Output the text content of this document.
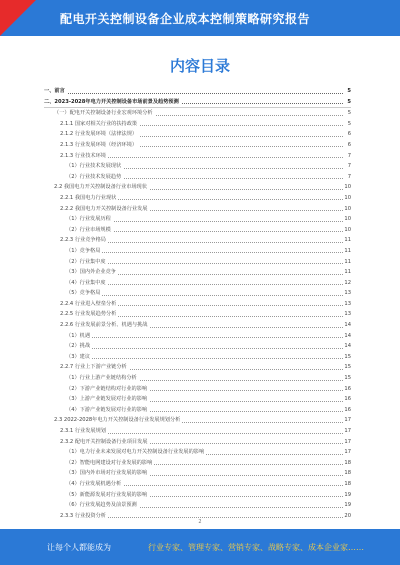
配电开关控制设备企业成本控制策略研究报告
内容目录
一、前言	5
二、2023-2028年电力开关控制设备市场前景及趋势预测	5
（一）配电开关控制设备行业宏观环境分析	5
2.1.1 国家对相关行业的扶持政策	5
2.1.2 行业发展环境（法律法规）	6
2.1.3 行业发展环境（经济环境）	6
2.1.3 行业技术环境	7
（1）行业技术发展现状	7
（2）行业技术发展趋势	7
2.2 我国电力开关控制设备行业市场现状	10
2.2.1 我国电力行业现状	10
2.2.2 我国电力开关控制设备行业发展	10
（1）行业发展历程	10
（2）行业市场规模	10
2.2.3 行业竞争格局	11
（1）竞争格局	11
（2）行业集中度	11
（3）国内外企业竞争	11
（4）行业集中度	12
（5）竞争格局	13
2.2.4 行业进入壁垒分析	13
2.2.5 行业发展趋势分析	13
2.2.6 行业发展前景分析、机遇与挑战	14
（1）机遇	14
（2）挑战	14
（3）建议	15
2.2.7 行业上下游产业链分析	15
（1）行业上游产业链结构分析	15
（2）下游产业链结构对行业的影响	16
（3）上游产业链发展对行业的影响	16
（4）下游产业链发展对行业的影响	16
2.3 2022-2028年电力开关控制设备行业发展规划分析	17
2.3.1 行业发展规划	17
2.3.2 配电开关控制设备行业项目发展	17
（1）电力行业未来发展对电力开关控制设备行业发展的影响	17
（2）智能电网建设对行业发展的影响	18
（3）国内外市场对行业发展的影响	18
（4）行业发展机遇分析	18
（5）新能源发展对行业发展的影响	19
（6）行业发展趋势及前景预测	19
2.3.3 行业投资分析	20
2
让每个人都能成为	行业专家、管理专家、营销专家、战略专家、成本企业家……
